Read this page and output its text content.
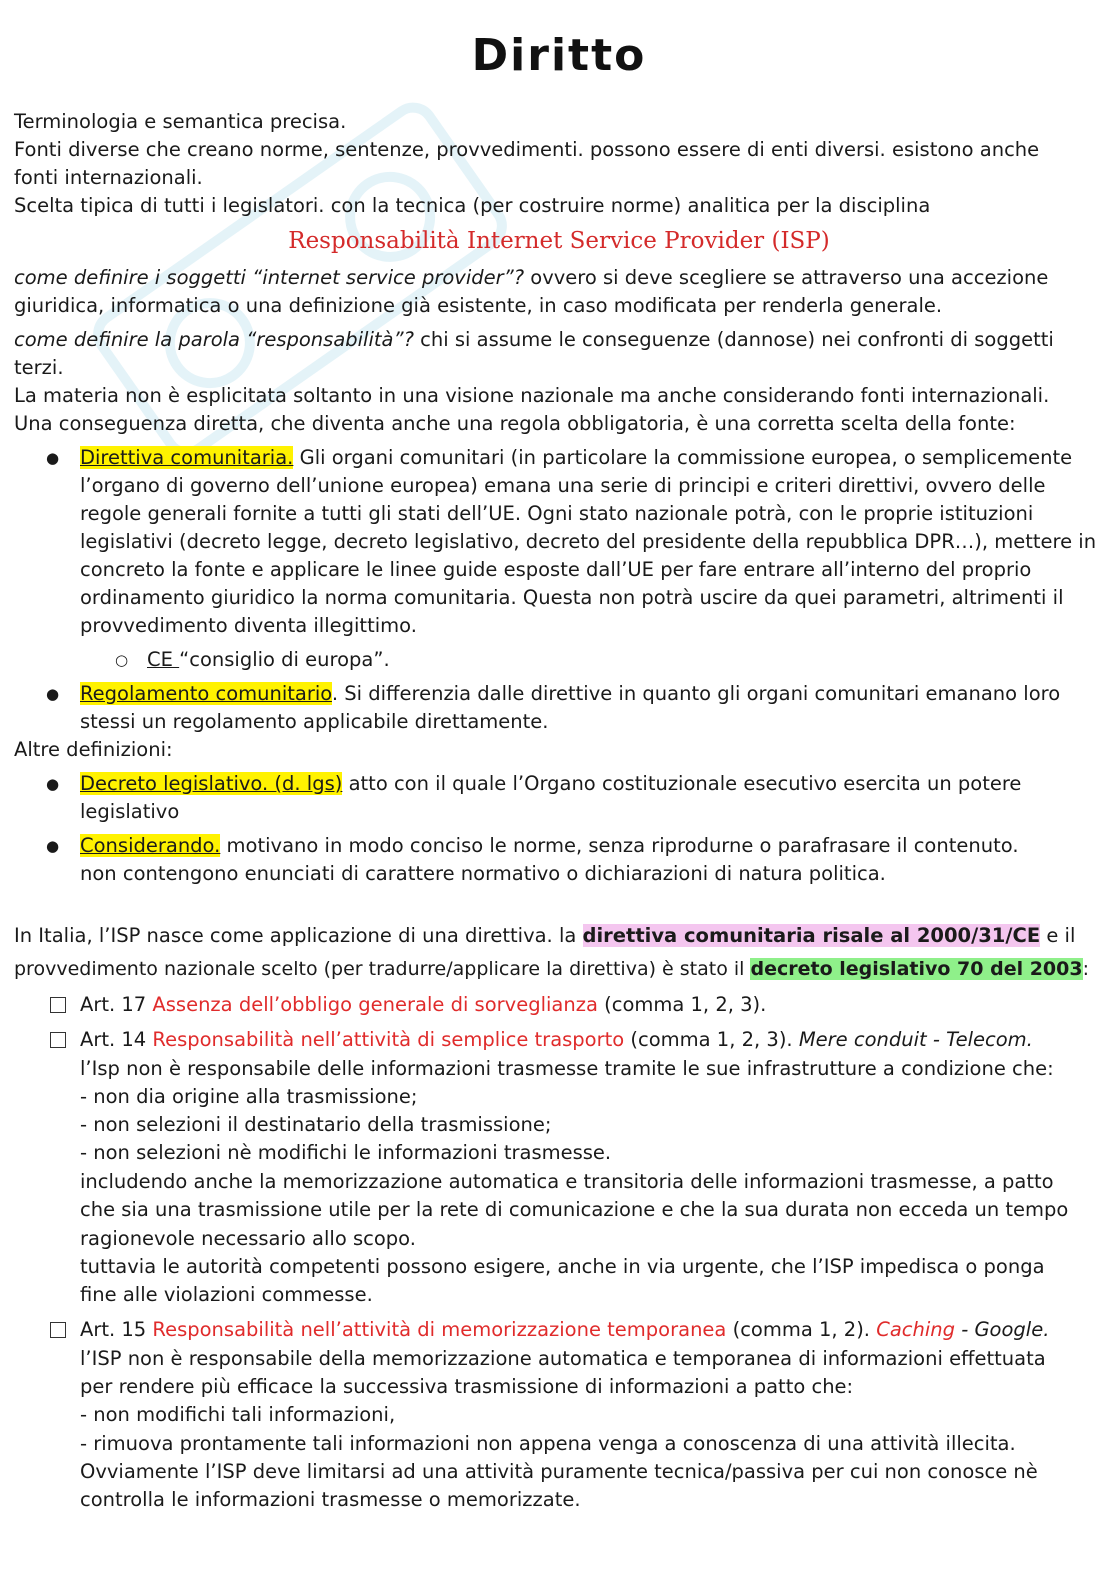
Diritto
Terminologia e semantica precisa.
Fonti diverse che creano norme, sentenze, provvedimenti. possono essere di enti diversi. esistono anche
fonti internazionali.
Scelta tipica di tutti i legislatori. con la tecnica (per costruire norme) analitica per la disciplina
Responsabilità Internet Service Provider (ISP)
come definire i soggetti “internet service provider”? ovvero si deve scegliere se attraverso una accezione
giuridica, informatica o una definizione già esistente, in caso modificata per renderla generale.
come definire la parola “responsabilità”? chi si assume le conseguenze (dannose) nei confronti di soggetti
terzi.
La materia non è esplicitata soltanto in una visione nazionale ma anche considerando fonti internazionali.
Una conseguenza diretta, che diventa anche una regola obbligatoria, è una corretta scelta della fonte:
● Direttiva comunitaria. Gli organi comunitari (in particolare la commissione europea, o semplicemente
l’organo di governo dell’unione europea) emana una serie di principi e criteri direttivi, ovvero delle
regole generali fornite a tutti gli stati dell’UE. Ogni stato nazionale potrà, con le proprie istituzioni
legislativi (decreto legge, decreto legislativo, decreto del presidente della repubblica DPR…), mettere in
concreto la fonte e applicare le linee guide esposte dall’UE per fare entrare all’interno del proprio
ordinamento giuridico la norma comunitaria. Questa non potrà uscire da quei parametri, altrimenti il
provvedimento diventa illegittimo.
○ CE “consiglio di europa”.
● Regolamento comunitario. Si differenzia dalle direttive in quanto gli organi comunitari emanano loro
stessi un regolamento applicabile direttamente.
Altre definizioni:
● Decreto legislativo. (d. lgs) atto con il quale l’Organo costituzionale esecutivo esercita un potere
legislativo
● Considerando. motivano in modo conciso le norme, senza riprodurne o parafrasare il contenuto.
non contengono enunciati di carattere normativo o dichiarazioni di natura politica.
In Italia, l’ISP nasce come applicazione di una direttiva. la direttiva comunitaria risale al 2000/31/CE e il
provvedimento nazionale scelto (per tradurre/applicare la direttiva) è stato il decreto legislativo 70 del 2003:
Art. 17 Assenza dell’obbligo generale di sorveglianza (comma 1, 2, 3).
Art. 14 Responsabilità nell’attività di semplice trasporto (comma 1, 2, 3). Mere conduit - Telecom.
l’Isp non è responsabile delle informazioni trasmesse tramite le sue infrastrutture a condizione che:
- non dia origine alla trasmissione;
- non selezioni il destinatario della trasmissione;
- non selezioni nè modifichi le informazioni trasmesse.
includendo anche la memorizzazione automatica e transitoria delle informazioni trasmesse, a patto
che sia una trasmissione utile per la rete di comunicazione e che la sua durata non ecceda un tempo
ragionevole necessario allo scopo.
tuttavia le autorità competenti possono esigere, anche in via urgente, che l’ISP impedisca o ponga
fine alle violazioni commesse.
Art. 15 Responsabilità nell’attività di memorizzazione temporanea (comma 1, 2). Caching - Google.
l’ISP non è responsabile della memorizzazione automatica e temporanea di informazioni effettuata
per rendere più efficace la successiva trasmissione di informazioni a patto che:
- non modifichi tali informazioni,
- rimuova prontamente tali informazioni non appena venga a conoscenza di una attività illecita.
Ovviamente l’ISP deve limitarsi ad una attività puramente tecnica/passiva per cui non conosce nè
controlla le informazioni trasmesse o memorizzate.
